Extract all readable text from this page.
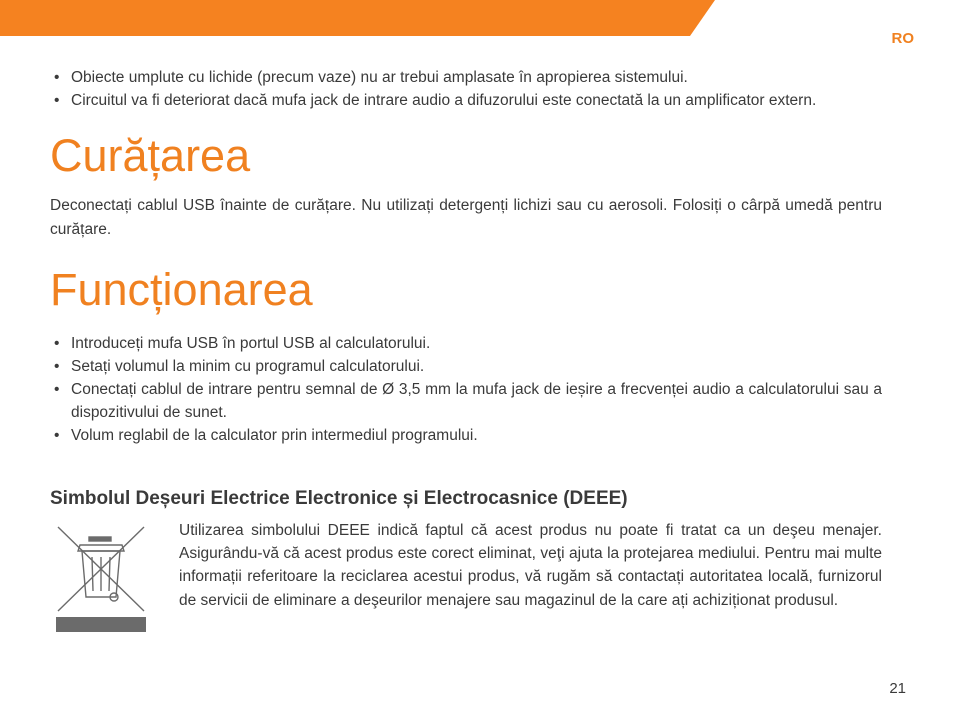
RO
• Obiecte umplute cu lichide (precum vaze) nu ar trebui amplasate în apropierea sistemului.
• Circuitul va fi deteriorat dacă mufa jack de intrare audio a difuzorului este conectată la un amplificator extern.
Curățarea

Deconectați cablul USB înainte de curățare. Nu utilizați detergenți lichizi sau cu aerosoli. Folosiți o cârpă umedă pentru curățare.

Funcționarea
• Introduceți mufa USB în portul USB al calculatorului.
• Setați volumul la minim cu programul calculatorului.
• Conectați cablul de intrare pentru semnal de Ø 3,5 mm la mufa jack de ieșire a frecvenței audio a calculatorului sau a dispozitivului de sunet.
• Volum reglabil de la calculator prin intermediul programului.
Simbolul Deșeuri Electrice Electronice și Electrocasnice (DEEE)
Utilizarea simbolului DEEE indică faptul că acest produs nu poate fi tratat ca un deşeu menajer. Asigurându-vă că acest produs este corect eliminat, veţi ajuta la protejarea mediului. Pentru mai multe informații referitoare la reciclarea acestui produs, vă rugăm să contactați autoritatea locală, furnizorul de servicii de eliminare a deşeurilor menajere sau magazinul de la care ați achiziționat produsul.
21
